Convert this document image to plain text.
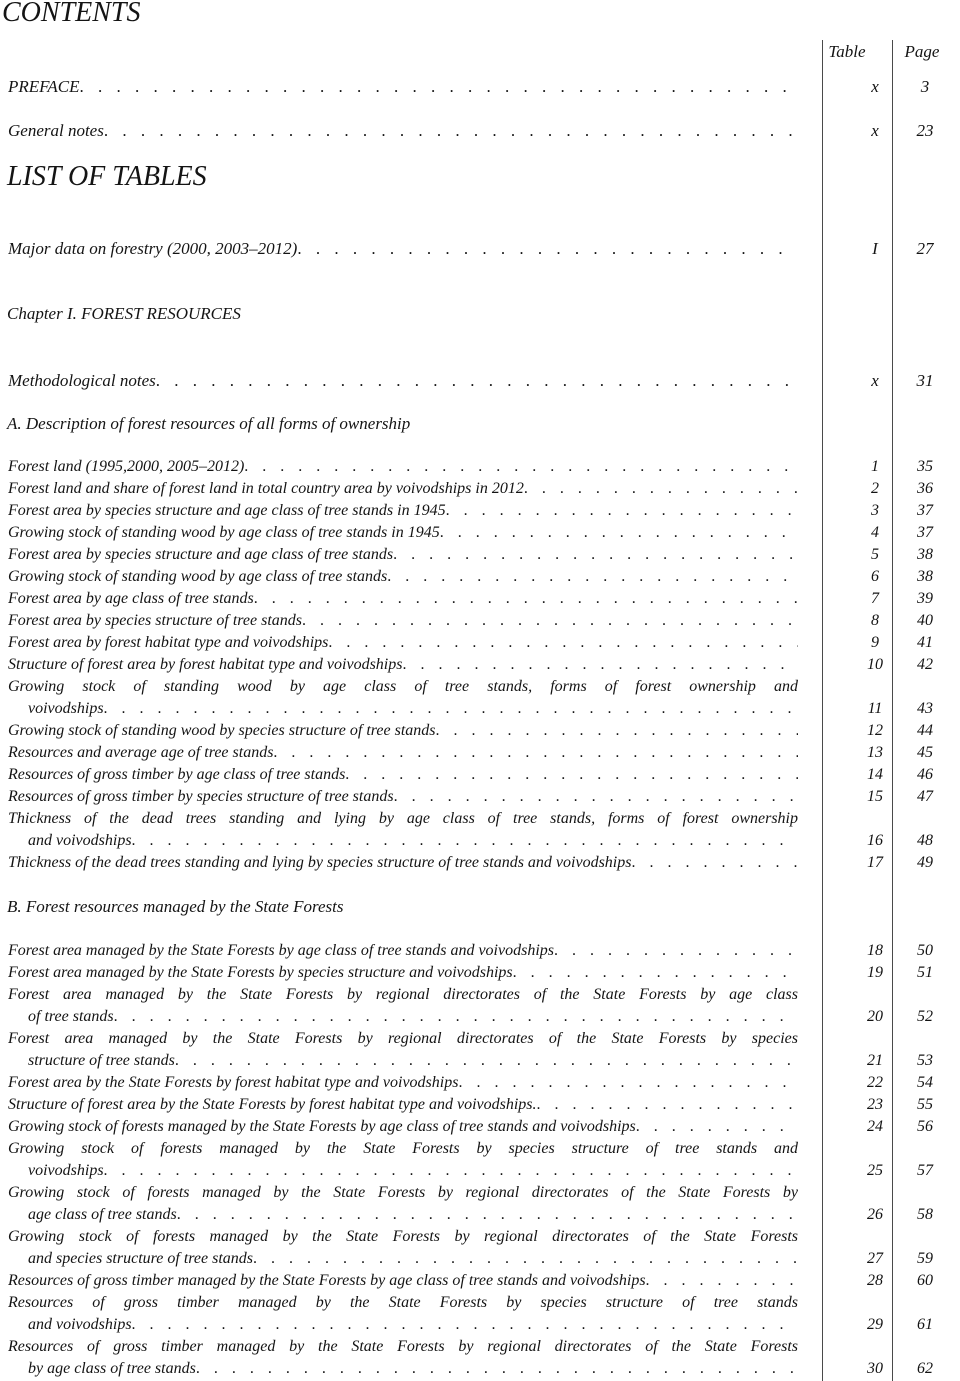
CONTENTS
Table	Page
LIST OF TABLES
Chapter I. FOREST RESOURCES
A. Description of forest resources of all forms of ownership
B. Forest resources managed by the State Forests
PREFACE . . .	x	3
General notes . . .	x	23
Major data on forestry (2000, 2003–2012) . . .	I	27
Methodological notes . . .	x	31
Forest land (1995,2000, 2005–2012) . . .	1	35
Forest land and share of forest land in total country area by voivodships in 2012 . . .	2	36
Forest area by species structure and age class of tree stands in 1945 . . .	3	37
Growing stock of standing wood by age class of tree stands in 1945 . . .	4	37
Forest area by species structure and age class of tree stands . . .	5	38
Growing stock of standing wood by age class of tree stands . . .	6	38
Forest area by age class of tree stands . . .	7	39
Forest area by species structure of tree stands . . .	8	40
Forest area by forest habitat type and voivodships . . .	9	41
Structure of forest area by forest habitat type and voivodships . . .	10	42
Growing stock of standing wood by age class of tree stands, forms of forest ownership and
voivodships . . .	11	43
Growing stock of standing wood by species structure of tree stands . . .	12	44
Resources and average age of tree stands . . .	13	45
Resources of gross timber by age class of tree stands . . .	14	46
Resources of gross timber by species structure of tree stands . . .	15	47
Thickness of the dead trees standing and lying by age class of tree stands, forms of forest ownership
and voivodships . . .	16	48
Thickness of the dead trees standing and lying by species structure of tree stands and voivodships . . .	17	49
Forest area managed by the State Forests by age class of tree stands and voivodships . . .	18	50
Forest area managed by the State Forests by species structure and voivodships . . .	19	51
Forest area managed by the State Forests by regional directorates of the State Forests by age class
of tree stands . . .	20	52
Forest area managed by the State Forests by regional directorates of the State Forests by species
structure of tree stands . . .	21	53
Forest area by the State Forests by forest habitat type and voivodships . . .	22	54
Structure of forest area by the State Forests by forest habitat type and voivodships. . . .	23	55
Growing stock of forests managed by the State Forests by age class of tree stands and voivodships . . .	24	56
Growing stock of forests managed by the State Forests by species structure of tree stands and
voivodships . . .	25	57
Growing stock of forests managed by the State Forests by regional directorates of the State Forests by
age class of tree stands . . .	26	58
Growing stock of forests managed by the State Forests by regional directorates of the State Forests
and species structure of tree stands . . .	27	59
Resources of gross timber managed by the State Forests by age class of tree stands and voivodships . . .	28	60
Resources of gross timber managed by the State Forests by species structure of tree stands
and voivodships . . .	29	61
Resources of gross timber managed by the State Forests by regional directorates of the State Forests
by age class of tree stands . . .	30	62
